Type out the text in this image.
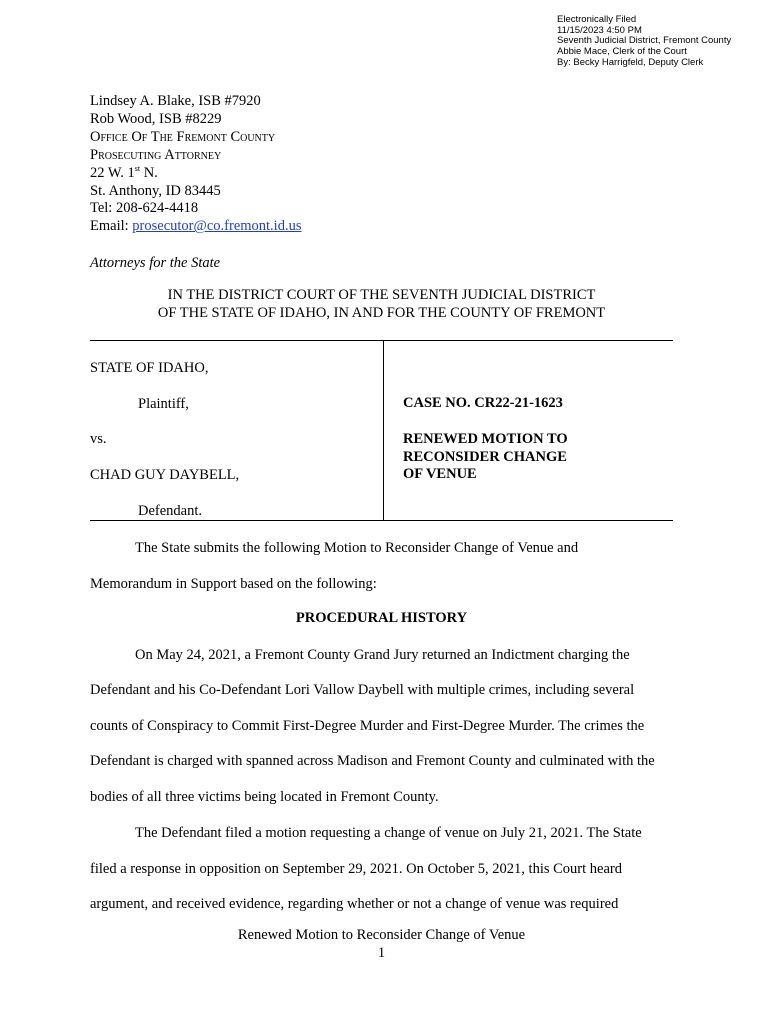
Electronically Filed
11/15/2023 4:50 PM
Seventh Judicial District, Fremont County
Abbie Mace, Clerk of the Court
By: Becky Harrigfeld, Deputy Clerk
Lindsey A. Blake, ISB #7920
Rob Wood, ISB #8229
Office Of The Fremont County
Prosecuting Attorney
22 W. 1st N.
St. Anthony, ID 83445
Tel: 208-624-4418
Email: prosecutor@co.fremont.id.us
Attorneys for the State
IN THE DISTRICT COURT OF THE SEVENTH JUDICIAL DISTRICT
OF THE STATE OF IDAHO, IN AND FOR THE COUNTY OF FREMONT
STATE OF IDAHO,
Plaintiff,
vs.
CHAD GUY DAYBELL,
Defendant.
CASE NO. CR22-21-1623
RENEWED MOTION TO
RECONSIDER CHANGE
OF VENUE
The State submits the following Motion to Reconsider Change of Venue and
Memorandum in Support based on the following:
PROCEDURAL HISTORY
On May 24, 2021, a Fremont County Grand Jury returned an Indictment charging the
Defendant and his Co-Defendant Lori Vallow Daybell with multiple crimes, including several
counts of Conspiracy to Commit First-Degree Murder and First-Degree Murder. The crimes the
Defendant is charged with spanned across Madison and Fremont County and culminated with the
bodies of all three victims being located in Fremont County.
The Defendant filed a motion requesting a change of venue on July 21, 2021. The State
filed a response in opposition on September 29, 2021. On October 5, 2021, this Court heard
argument, and received evidence, regarding whether or not a change of venue was required
Renewed Motion to Reconsider Change of Venue
1
